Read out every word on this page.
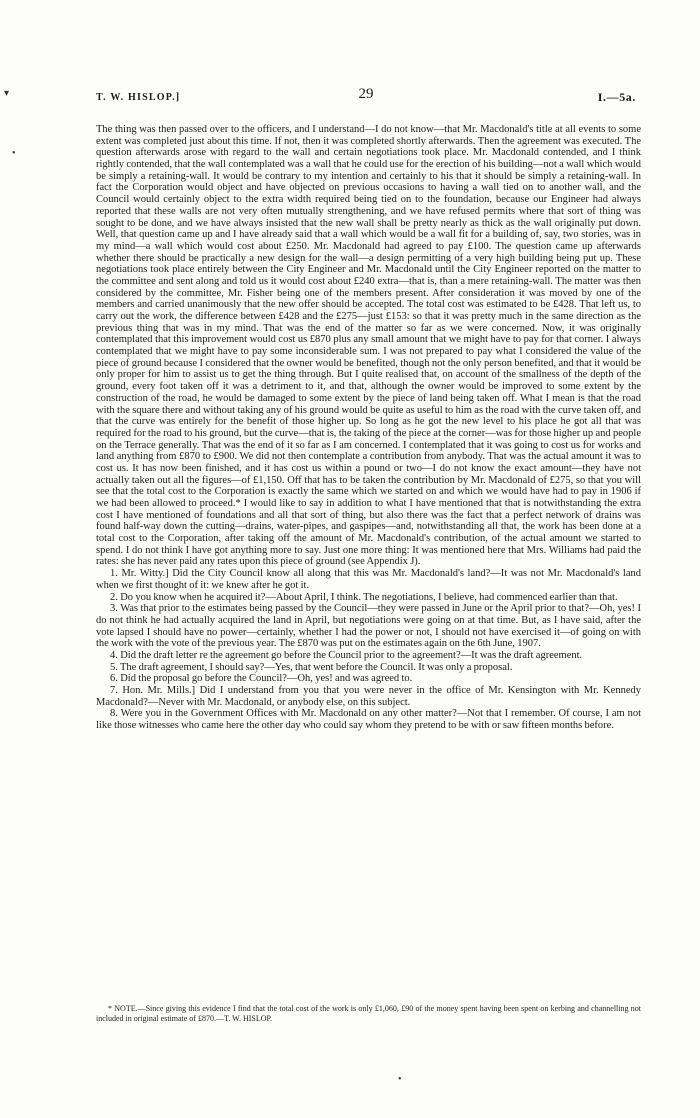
▾
•
•
T. W. HISLOP.]	29	I.—5a.

The thing was then passed over to the officers, and I understand—I do not know—that Mr. Macdonald's title at all events to some extent was completed just about this time. If not, then it was completed shortly afterwards. Then the agreement was executed. The question afterwards arose with regard to the wall and certain negotiations took place. Mr. Macdonald contended, and I think rightly contended, that the wall contemplated was a wall that he could use for the erection of his building—not a wall which would be simply a retaining-wall. It would be contrary to my intention and certainly to his that it should be simply a retaining-wall. In fact the Corporation would object and have objected on previous occasions to having a wall tied on to another wall, and the Council would certainly object to the extra width required being tied on to the foundation, because our Engineer had always reported that these walls are not very often mutually strengthening, and we have refused permits where that sort of thing was sought to be done, and we have always insisted that the new wall shall be pretty nearly as thick as the wall originally put down. Well, that question came up and I have already said that a wall which would be a wall fit for a building of, say, two stories, was in my mind—a wall which would cost about £250. Mr. Macdonald had agreed to pay £100. The question came up afterwards whether there should be practically a new design for the wall—a design permitting of a very high building being put up. These negotiations took place entirely between the City Engineer and Mr. Macdonald until the City Engineer reported on the matter to the committee and sent along and told us it would cost about £240 extra—that is, than a mere retaining-wall. The matter was then considered by the committee, Mr. Fisher being one of the members present. After consideration it was moved by one of the members and carried unanimously that the new offer should be accepted. The total cost was estimated to be £428. That left us, to carry out the work, the difference between £428 and the £275—just £153: so that it was pretty much in the same direction as the previous thing that was in my mind. That was the end of the matter so far as we were concerned. Now, it was originally contemplated that this improvement would cost us £870 plus any small amount that we might have to pay for that corner. I always contemplated that we might have to pay some inconsiderable sum. I was not prepared to pay what I considered the value of the piece of ground because I considered that the owner would be benefited, though not the only person benefited, and that it would be only proper for him to assist us to get the thing through. But I quite realised that, on account of the smallness of the depth of the ground, every foot taken off it was a detriment to it, and that, although the owner would be improved to some extent by the construction of the road, he would be damaged to some extent by the piece of land being taken off. What I mean is that the road with the square there and without taking any of his ground would be quite as useful to him as the road with the curve taken off, and that the curve was entirely for the benefit of those higher up. So long as he got the new level to his place he got all that was required for the road to his ground, but the curve—that is, the taking of the piece at the corner—was for those higher up and people on the Terrace generally. That was the end of it so far as I am concerned. I contemplated that it was going to cost us for works and land anything from £870 to £900. We did not then contemplate a contribution from anybody. That was the actual amount it was to cost us. It has now been finished, and it has cost us within a pound or two—I do not know the exact amount—they have not actually taken out all the figures—of £1,150. Off that has to be taken the contribution by Mr. Macdonald of £275, so that you will see that the total cost to the Corporation is exactly the same which we started on and which we would have had to pay in 1906 if we had been allowed to proceed.* I would like to say in addition to what I have mentioned that that is notwithstanding the extra cost I have mentioned of foundations and all that sort of thing, but also there was the fact that a perfect network of drains was found half-way down the cutting—drains, water-pipes, and gaspipes—and, notwithstanding all that, the work has been done at a total cost to the Corporation, after taking off the amount of Mr. Macdonald's contribution, of the actual amount we started to spend. I do not think I have got anything more to say. Just one more thing: It was mentioned here that Mrs. Williams had paid the rates: she has never paid any rates upon this piece of ground (see Appendix J).

1. Mr. Witty.] Did the City Council know all along that this was Mr. Macdonald's land?—It was not Mr. Macdonald's land when we first thought of it: we knew after he got it.

2. Do you know when he acquired it?—About April, I think. The negotiations, I believe, had commenced earlier than that.

3. Was that prior to the estimates being passed by the Council—they were passed in June or the April prior to that?—Oh, yes! I do not think he had actually acquired the land in April, but negotiations were going on at that time. But, as I have said, after the vote lapsed I should have no power—certainly, whether I had the power or not, I should not have exercised it—of going on with the work with the vote of the previous year. The £870 was put on the estimates again on the 6th June, 1907.

4. Did the draft letter re the agreement go before the Council prior to the agreement?—It was the draft agreement.

5. The draft agreement, I should say?—Yes, that went before the Council. It was only a proposal.

6. Did the proposal go before the Council?—Oh, yes! and was agreed to.

7. Hon. Mr. Mills.] Did I understand from you that you were never in the office of Mr. Kensington with Mr. Kennedy Macdonald?—Never with Mr. Macdonald, or anybody else, on this subject.

8. Were you in the Government Offices with Mr. Macdonald on any other matter?—Not that I remember. Of course, I am not like those witnesses who came here the other day who could say whom they pretend to be with or saw fifteen months before.

* NOTE.—Since giving this evidence I find that the total cost of the work is only £1,060, £90 of the money spent having been spent on kerbing and channelling not included in original estimate of £870.—T. W. HISLOP.
